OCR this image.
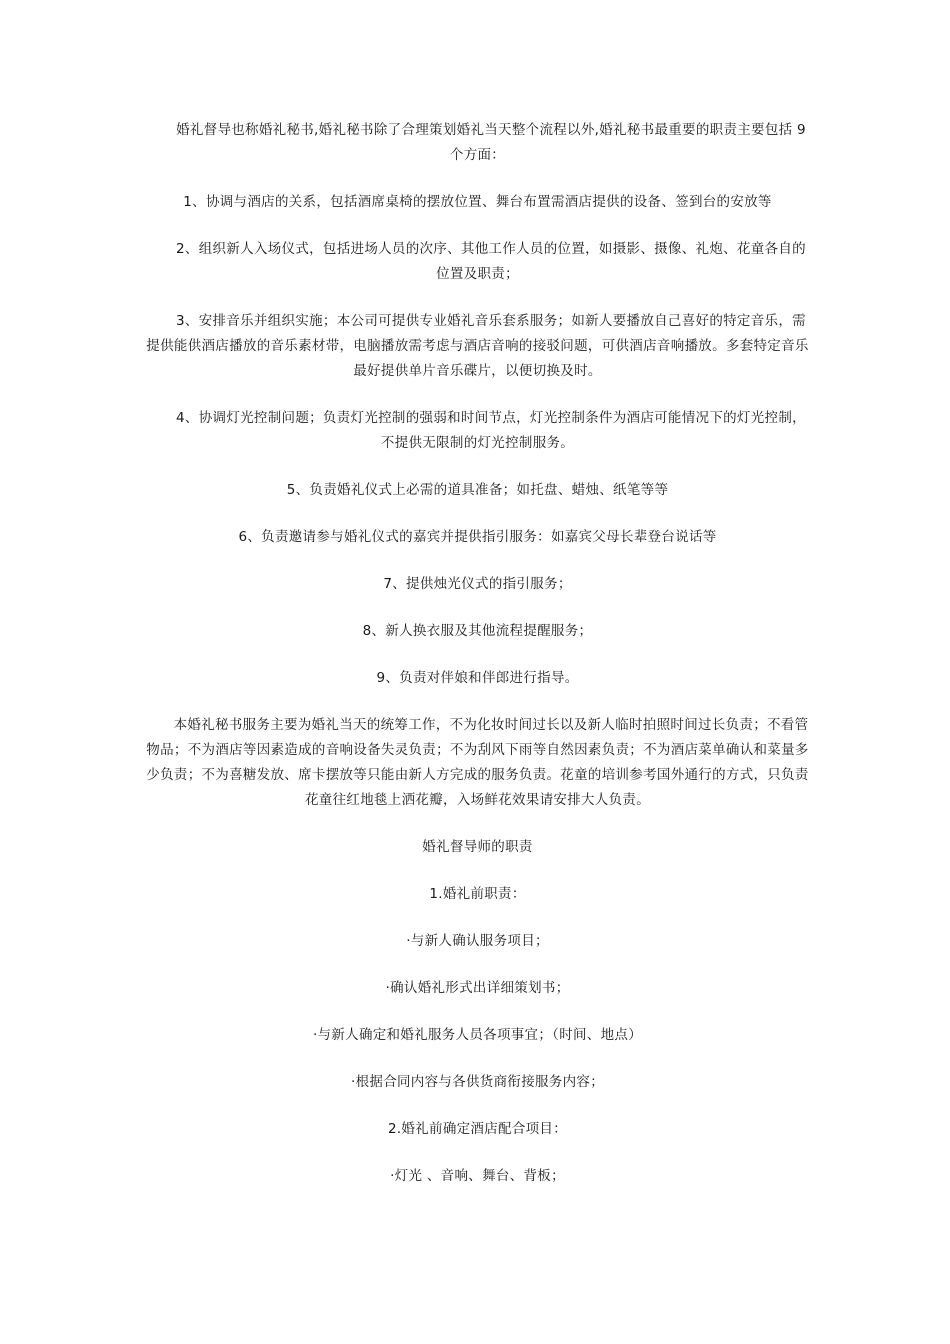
婚礼督导也称婚礼秘书,婚礼秘书除了合理策划婚礼当天整个流程以外,婚礼秘书最重要的职责主要包括 9 个方面：

1、协调与酒店的关系，包括酒席桌椅的摆放位置、舞台布置需酒店提供的设备、签到台的安放等

2、组织新人入场仪式，包括进场人员的次序、其他工作人员的位置，如摄影、摄像、礼炮、花童各自的位置及职责；

3、安排音乐并组织实施；本公司可提供专业婚礼音乐套系服务；如新人要播放自己喜好的特定音乐，需提供能供酒店播放的音乐素材带，电脑播放需考虑与酒店音响的接驳问题，可供酒店音响播放。多套特定音乐最好提供单片音乐碟片，以便切换及时。

4、协调灯光控制问题；负责灯光控制的强弱和时间节点，灯光控制条件为酒店可能情况下的灯光控制，不提供无限制的灯光控制服务。

5、负责婚礼仪式上必需的道具准备；如托盘、蜡烛、纸笔等等

6、负责邀请参与婚礼仪式的嘉宾并提供指引服务：如嘉宾父母长辈登台说话等

7、提供烛光仪式的指引服务；

8、新人换衣服及其他流程提醒服务；

9、负责对伴娘和伴郎进行指导。

本婚礼秘书服务主要为婚礼当天的统筹工作，不为化妆时间过长以及新人临时拍照时间过长负责；不看管物品；不为酒店等因素造成的音响设备失灵负责；不为刮风下雨等自然因素负责；不为酒店菜单确认和菜量多少负责；不为喜糖发放、席卡摆放等只能由新人方完成的服务负责。花童的培训参考国外通行的方式，只负责花童往红地毯上洒花瓣，入场鲜花效果请安排大人负责。

婚礼督导师的职责

1.婚礼前职责：

·与新人确认服务项目；

·确认婚礼形式出详细策划书；

·与新人确定和婚礼服务人员各项事宜；（时间、地点）

·根据合同内容与各供货商衔接服务内容；

2.婚礼前确定酒店配合项目：

·灯光 、音响、舞台、背板；
